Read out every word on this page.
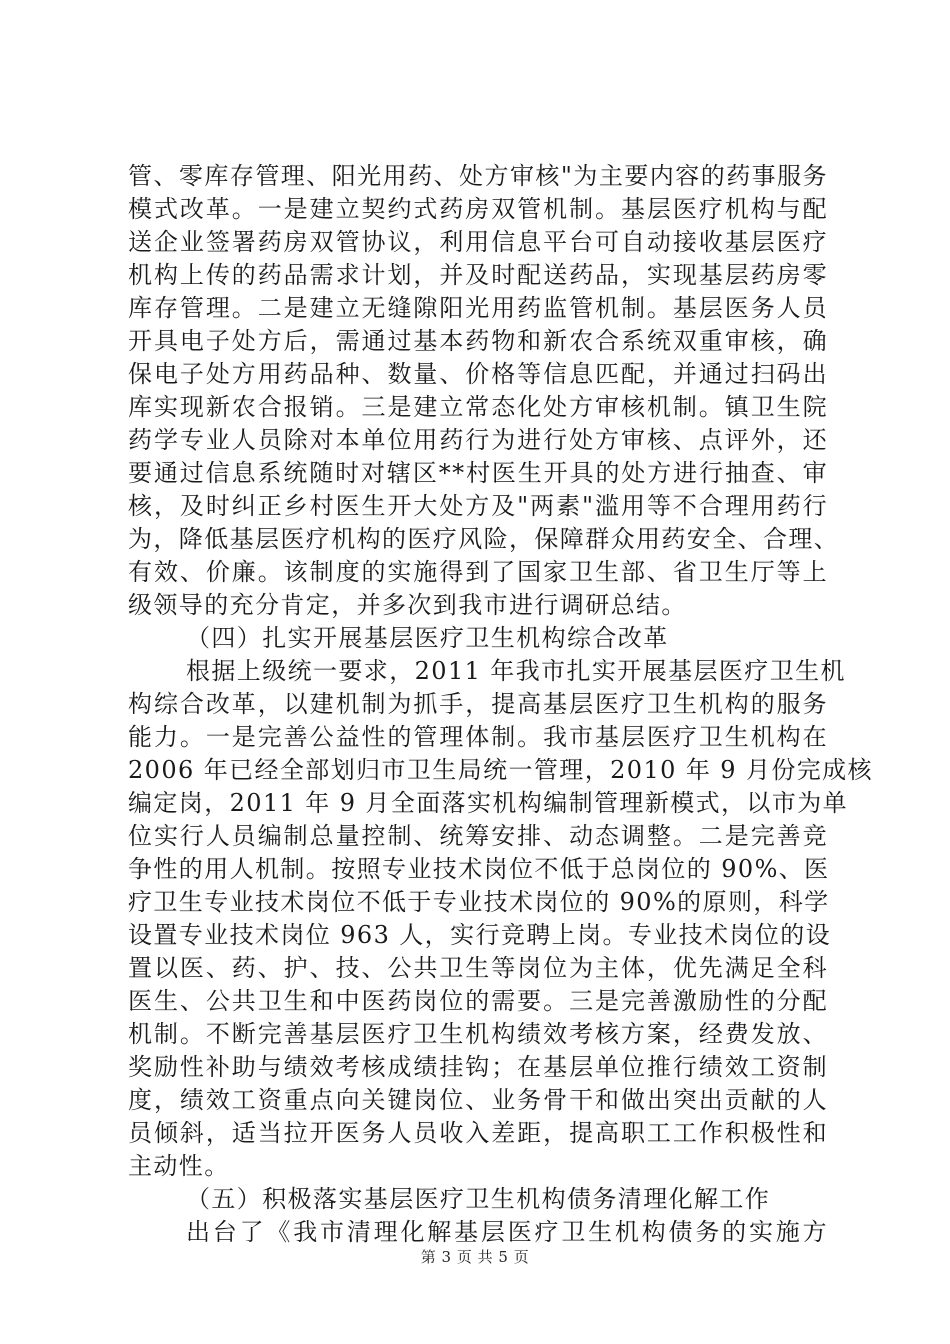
管、零库存管理、阳光用药、处方审核"为主要内容的药事服务
模式改革。一是建立契约式药房双管机制。基层医疗机构与配
送企业签署药房双管协议，利用信息平台可自动接收基层医疗
机构上传的药品需求计划，并及时配送药品，实现基层药房零
库存管理。二是建立无缝隙阳光用药监管机制。基层医务人员
开具电子处方后，需通过基本药物和新农合系统双重审核，确
保电子处方用药品种、数量、价格等信息匹配，并通过扫码出
库实现新农合报销。三是建立常态化处方审核机制。镇卫生院
药学专业人员除对本单位用药行为进行处方审核、点评外，还
要通过信息系统随时对辖区**村医生开具的处方进行抽查、审
核，及时纠正乡村医生开大处方及"两素"滥用等不合理用药行
为，降低基层医疗机构的医疗风险，保障群众用药安全、合理、
有效、价廉。该制度的实施得到了国家卫生部、省卫生厅等上
级领导的充分肯定，并多次到我市进行调研总结。
（四）扎实开展基层医疗卫生机构综合改革
根据上级统一要求，2011 年我市扎实开展基层医疗卫生机
构综合改革，以建机制为抓手，提高基层医疗卫生机构的服务
能力。一是完善公益性的管理体制。我市基层医疗卫生机构在
2006 年已经全部划归市卫生局统一管理，2010 年 9 月份完成核
编定岗，2011 年 9 月全面落实机构编制管理新模式，以市为单
位实行人员编制总量控制、统筹安排、动态调整。二是完善竞
争性的用人机制。按照专业技术岗位不低于总岗位的 90%、医
疗卫生专业技术岗位不低于专业技术岗位的 90%的原则，科学
设置专业技术岗位 963 人，实行竞聘上岗。专业技术岗位的设
置以医、药、护、技、公共卫生等岗位为主体，优先满足全科
医生、公共卫生和中医药岗位的需要。三是完善激励性的分配
机制。不断完善基层医疗卫生机构绩效考核方案，经费发放、
奖励性补助与绩效考核成绩挂钩；在基层单位推行绩效工资制
度，绩效工资重点向关键岗位、业务骨干和做出突出贡献的人
员倾斜，适当拉开医务人员收入差距，提高职工工作积极性和
主动性。
（五）积极落实基层医疗卫生机构债务清理化解工作
出台了《我市清理化解基层医疗卫生机构债务的实施方
第 3 页 共 5 页
